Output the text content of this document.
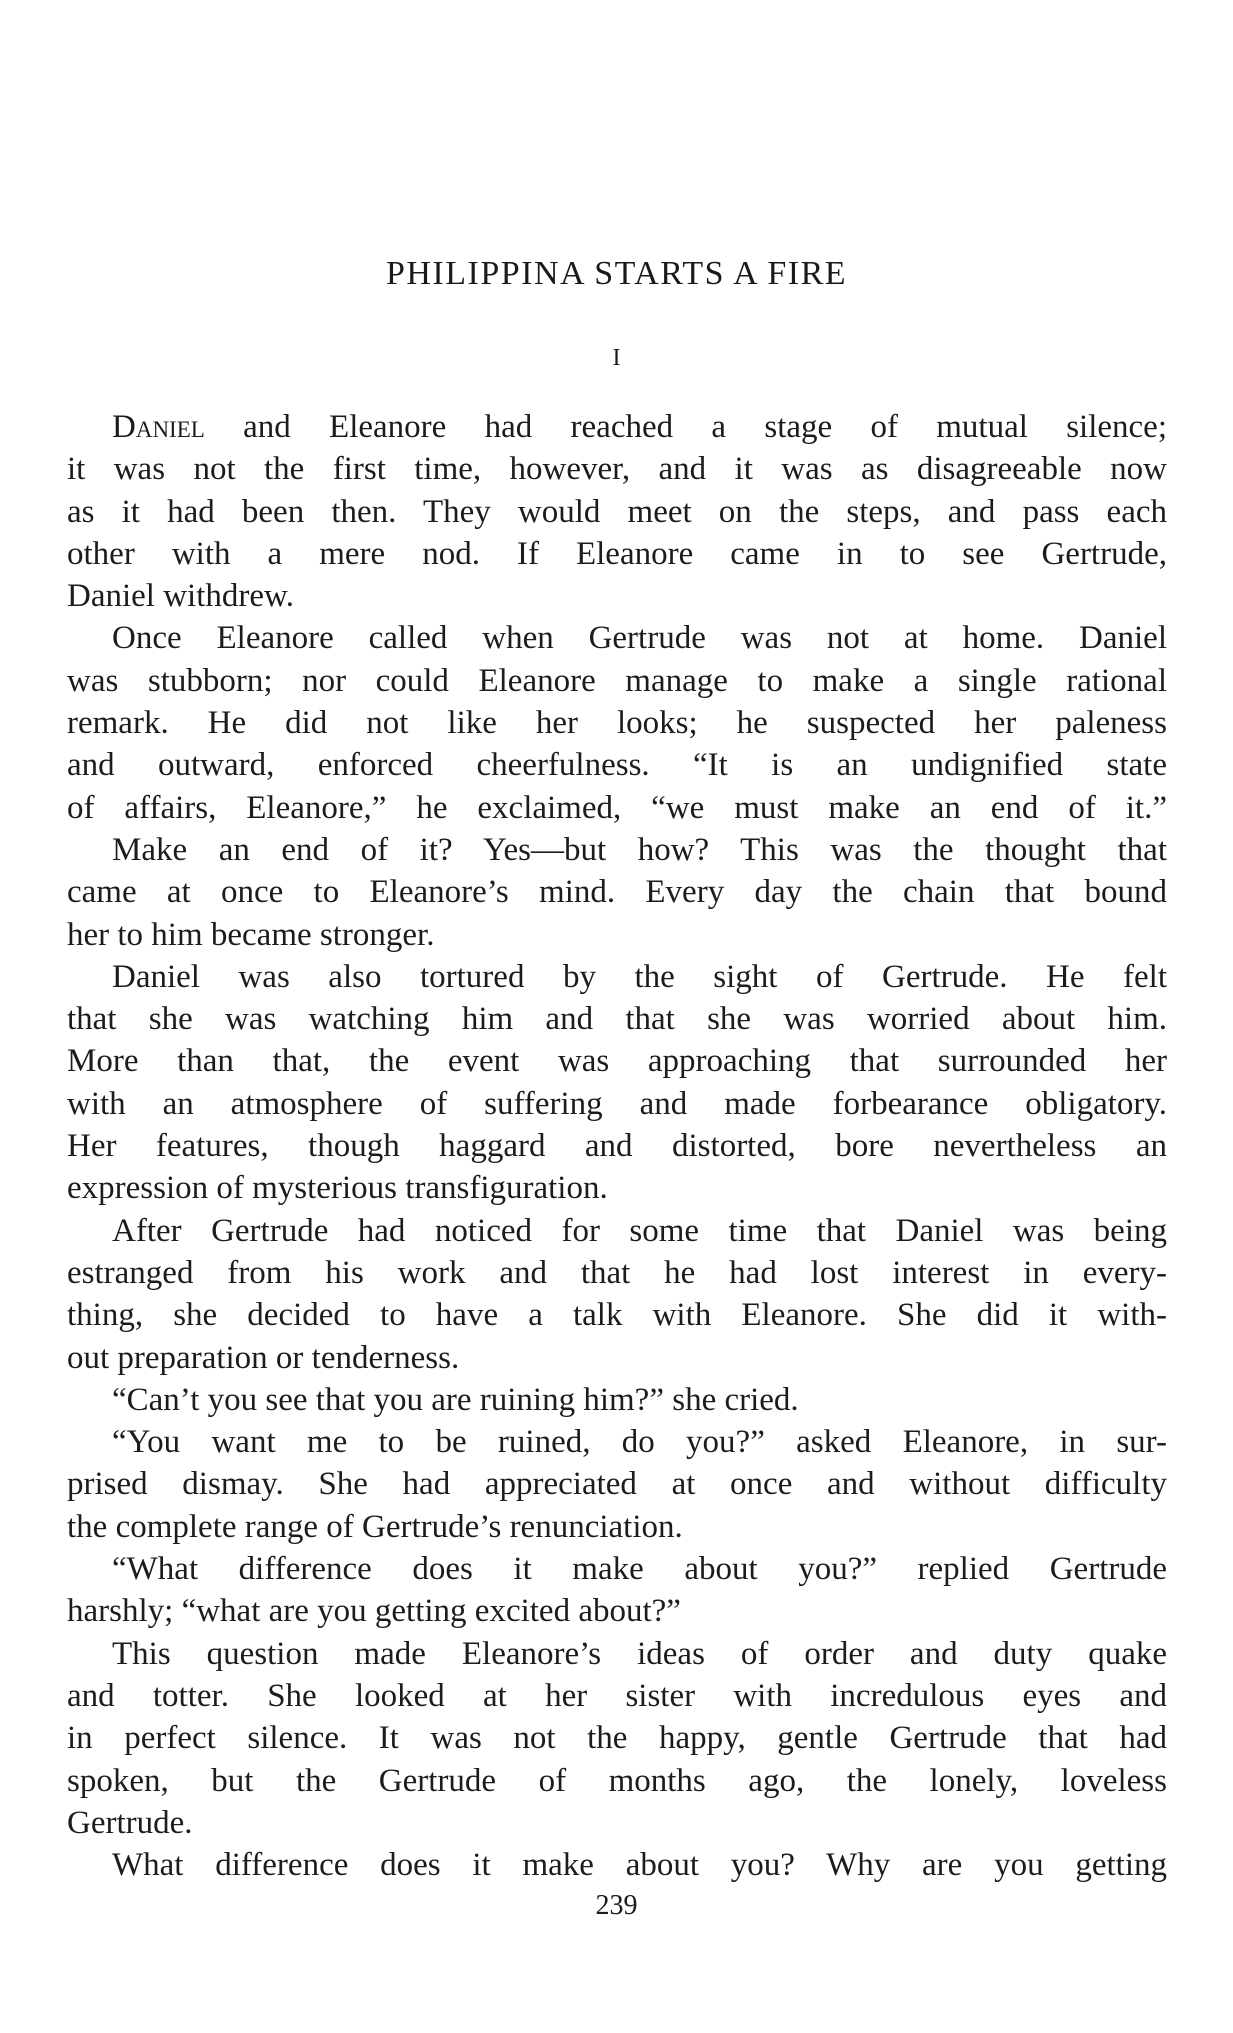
PHILIPPINA STARTS A FIRE
I
Daniel and Eleanore had reached a stage of mutual silence;
it was not the first time, however, and it was as disagreeable now
as it had been then. They would meet on the steps, and pass each
other with a mere nod. If Eleanore came in to see Gertrude,
Daniel withdrew.
Once Eleanore called when Gertrude was not at home. Daniel
was stubborn; nor could Eleanore manage to make a single rational
remark. He did not like her looks; he suspected her paleness
and outward, enforced cheerfulness. “It is an undignified state
of affairs, Eleanore,” he exclaimed, “we must make an end of it.”
Make an end of it? Yes—but how? This was the thought that
came at once to Eleanore’s mind. Every day the chain that bound
her to him became stronger.
Daniel was also tortured by the sight of Gertrude. He felt
that she was watching him and that she was worried about him.
More than that, the event was approaching that surrounded her
with an atmosphere of suffering and made forbearance obligatory.
Her features, though haggard and distorted, bore nevertheless an
expression of mysterious transfiguration.
After Gertrude had noticed for some time that Daniel was being
estranged from his work and that he had lost interest in every-
thing, she decided to have a talk with Eleanore. She did it with-
out preparation or tenderness.
“Can’t you see that you are ruining him?” she cried.
“You want me to be ruined, do you?” asked Eleanore, in sur-
prised dismay. She had appreciated at once and without difficulty
the complete range of Gertrude’s renunciation.
“What difference does it make about you?” replied Gertrude
harshly; “what are you getting excited about?”
This question made Eleanore’s ideas of order and duty quake
and totter. She looked at her sister with incredulous eyes and
in perfect silence. It was not the happy, gentle Gertrude that had
spoken, but the Gertrude of months ago, the lonely, loveless
Gertrude.
What difference does it make about you? Why are you getting
239
